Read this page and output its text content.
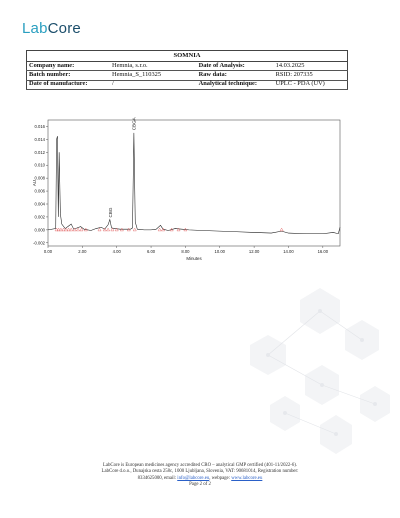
LabCore
SOMNIA			
Company name:	Hemnia, s.r.o.	Date of Analysis:	14.03.2025
Batch number:	Hemnia_S_110325	Raw data:	RSID: 207335
Date of manufacture:	/	Analytical technique:	UPLC - PDA (UV)
-0.002
0.000
0.002
0.004
0.006
0.008
0.010
0.012
0.014
0.016
0.00	2.00	4.00	6.00	8.00	10.00	12.00	14.00	16.00
AU
Minutes
CBGA
CBG
LabCore is European medicines agency accredited CRO – analytical GMP certified (401-11/2022-6).
LabCore d.o.o., Dunajska cesta 258c, 1000 Ljubljana, Slovenia, VAT: 90681014, Registration number:
8334625000, email: info@labcore.eu, webpage: www.labcore.eu
Page 2 of 2
